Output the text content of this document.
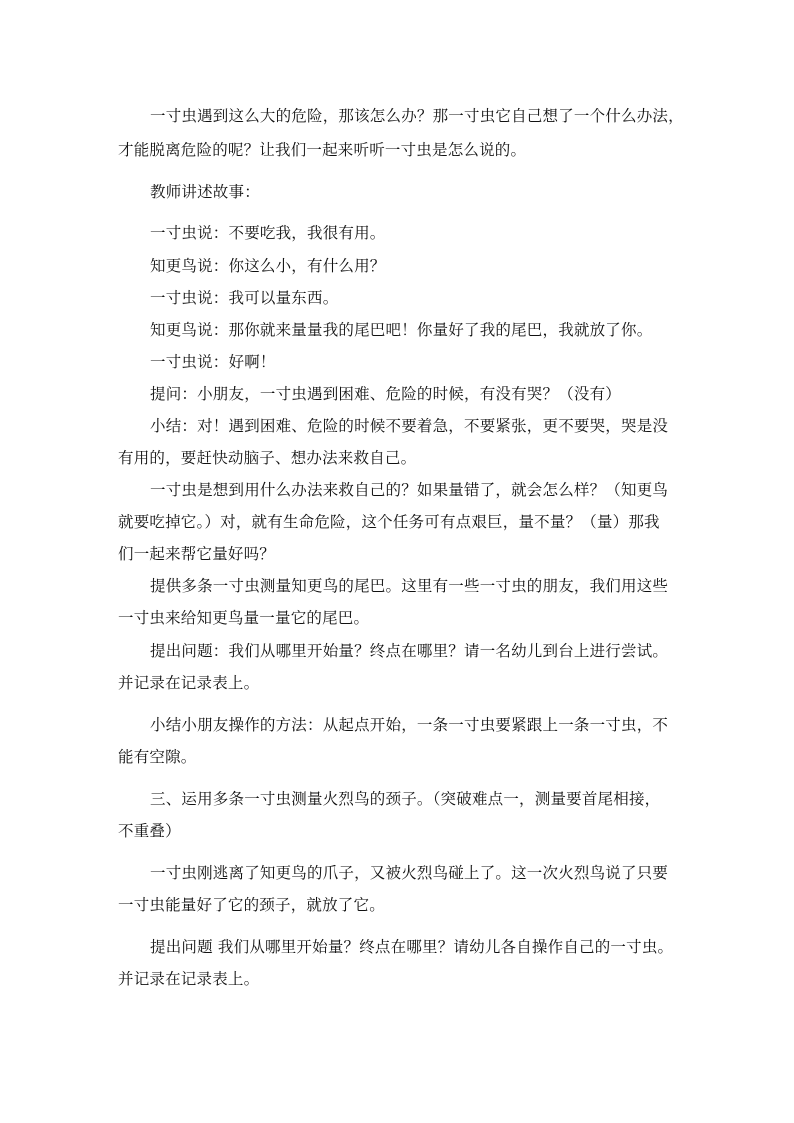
一寸虫遇到这么大的危险，那该怎么办？那一寸虫它自己想了一个什么办法，
才能脱离危险的呢？让我们一起来听听一寸虫是怎么说的。
教师讲述故事：
一寸虫说：不要吃我，我很有用。
知更鸟说：你这么小，有什么用？
一寸虫说：我可以量东西。
知更鸟说：那你就来量量我的尾巴吧！你量好了我的尾巴，我就放了你。
一寸虫说：好啊！
提问：小朋友，一寸虫遇到困难、危险的时候，有没有哭？（没有）
小结：对！遇到困难、危险的时候不要着急，不要紧张，更不要哭，哭是没
有用的，要赶快动脑子、想办法来救自己。
一寸虫是想到用什么办法来救自己的？如果量错了，就会怎么样？（知更鸟
就要吃掉它。）对，就有生命危险，这个任务可有点艰巨，量不量？（量）那我
们一起来帮它量好吗？
提供多条一寸虫测量知更鸟的尾巴。这里有一些一寸虫的朋友，我们用这些
一寸虫来给知更鸟量一量它的尾巴。
提出问题：我们从哪里开始量？终点在哪里？请一名幼儿到台上进行尝试。
并记录在记录表上。
小结小朋友操作的方法：从起点开始，一条一寸虫要紧跟上一条一寸虫，不
能有空隙。
三、运用多条一寸虫测量火烈鸟的颈子。（突破难点一，测量要首尾相接，
不重叠）
一寸虫刚逃离了知更鸟的爪子，又被火烈鸟碰上了。这一次火烈鸟说了只要
一寸虫能量好了它的颈子，就放了它。
提出问题 我们从哪里开始量？终点在哪里？请幼儿各自操作自己的一寸虫。
并记录在记录表上。
